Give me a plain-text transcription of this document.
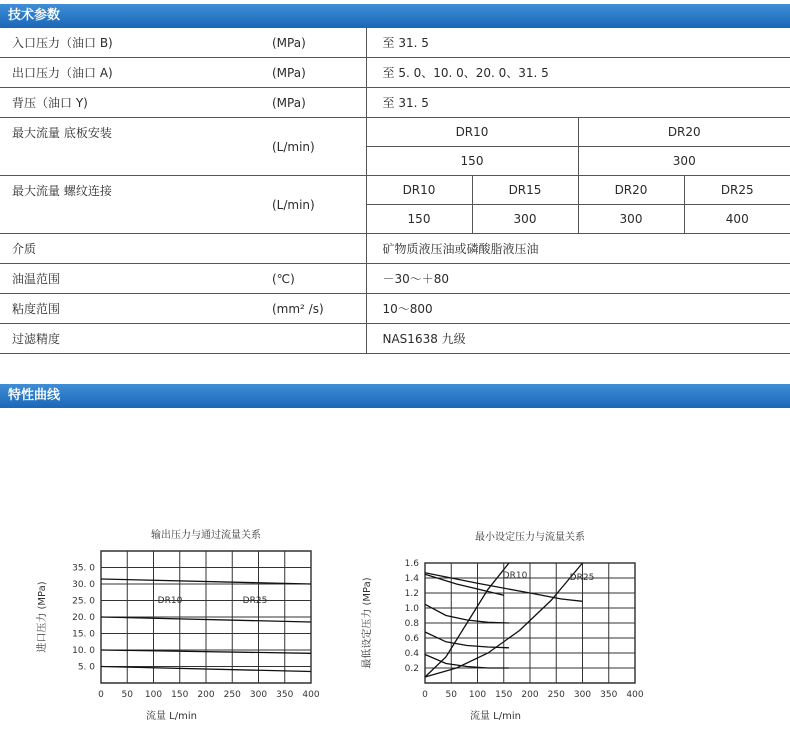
技术参数
入口压力（油口 B)	(MPa)	至 31. 5			
出口压力（油口 A)	(MPa)	至 5. 0、10. 0、20. 0、31. 5			
背压（油口 Y)	(MPa)	至 31. 5			
最大流量 底板安装	(L/min)	DR10		DR20	
		150		300	
最大流量 螺纹连接	(L/min)	DR10	DR15	DR20	DR25
		150	300	300	400
介质		矿物质液压油或磷酸脂液压油			
油温范围	(℃)	－30～＋80			
粘度范围	(mm² /s)	10～800			
过滤精度		NAS1638 九级			
特性曲线
输出压力与通过流量关系
0 50 100 150 200 250 300 350 400
5. 0
10. 0
15. 0
20. 0
25. 0
30. 0
35. 0
DR10	DR25
流量 L/min
进口压力 (MPa)
最小设定压力与流量关系
0 50 100 150 200 250 300 350 400
0.2
0.4
0.6
0.8
1.0
1.2
1.4
1.6
DR10	DR25
流量 L/min
最低设定压力 (MPa)
